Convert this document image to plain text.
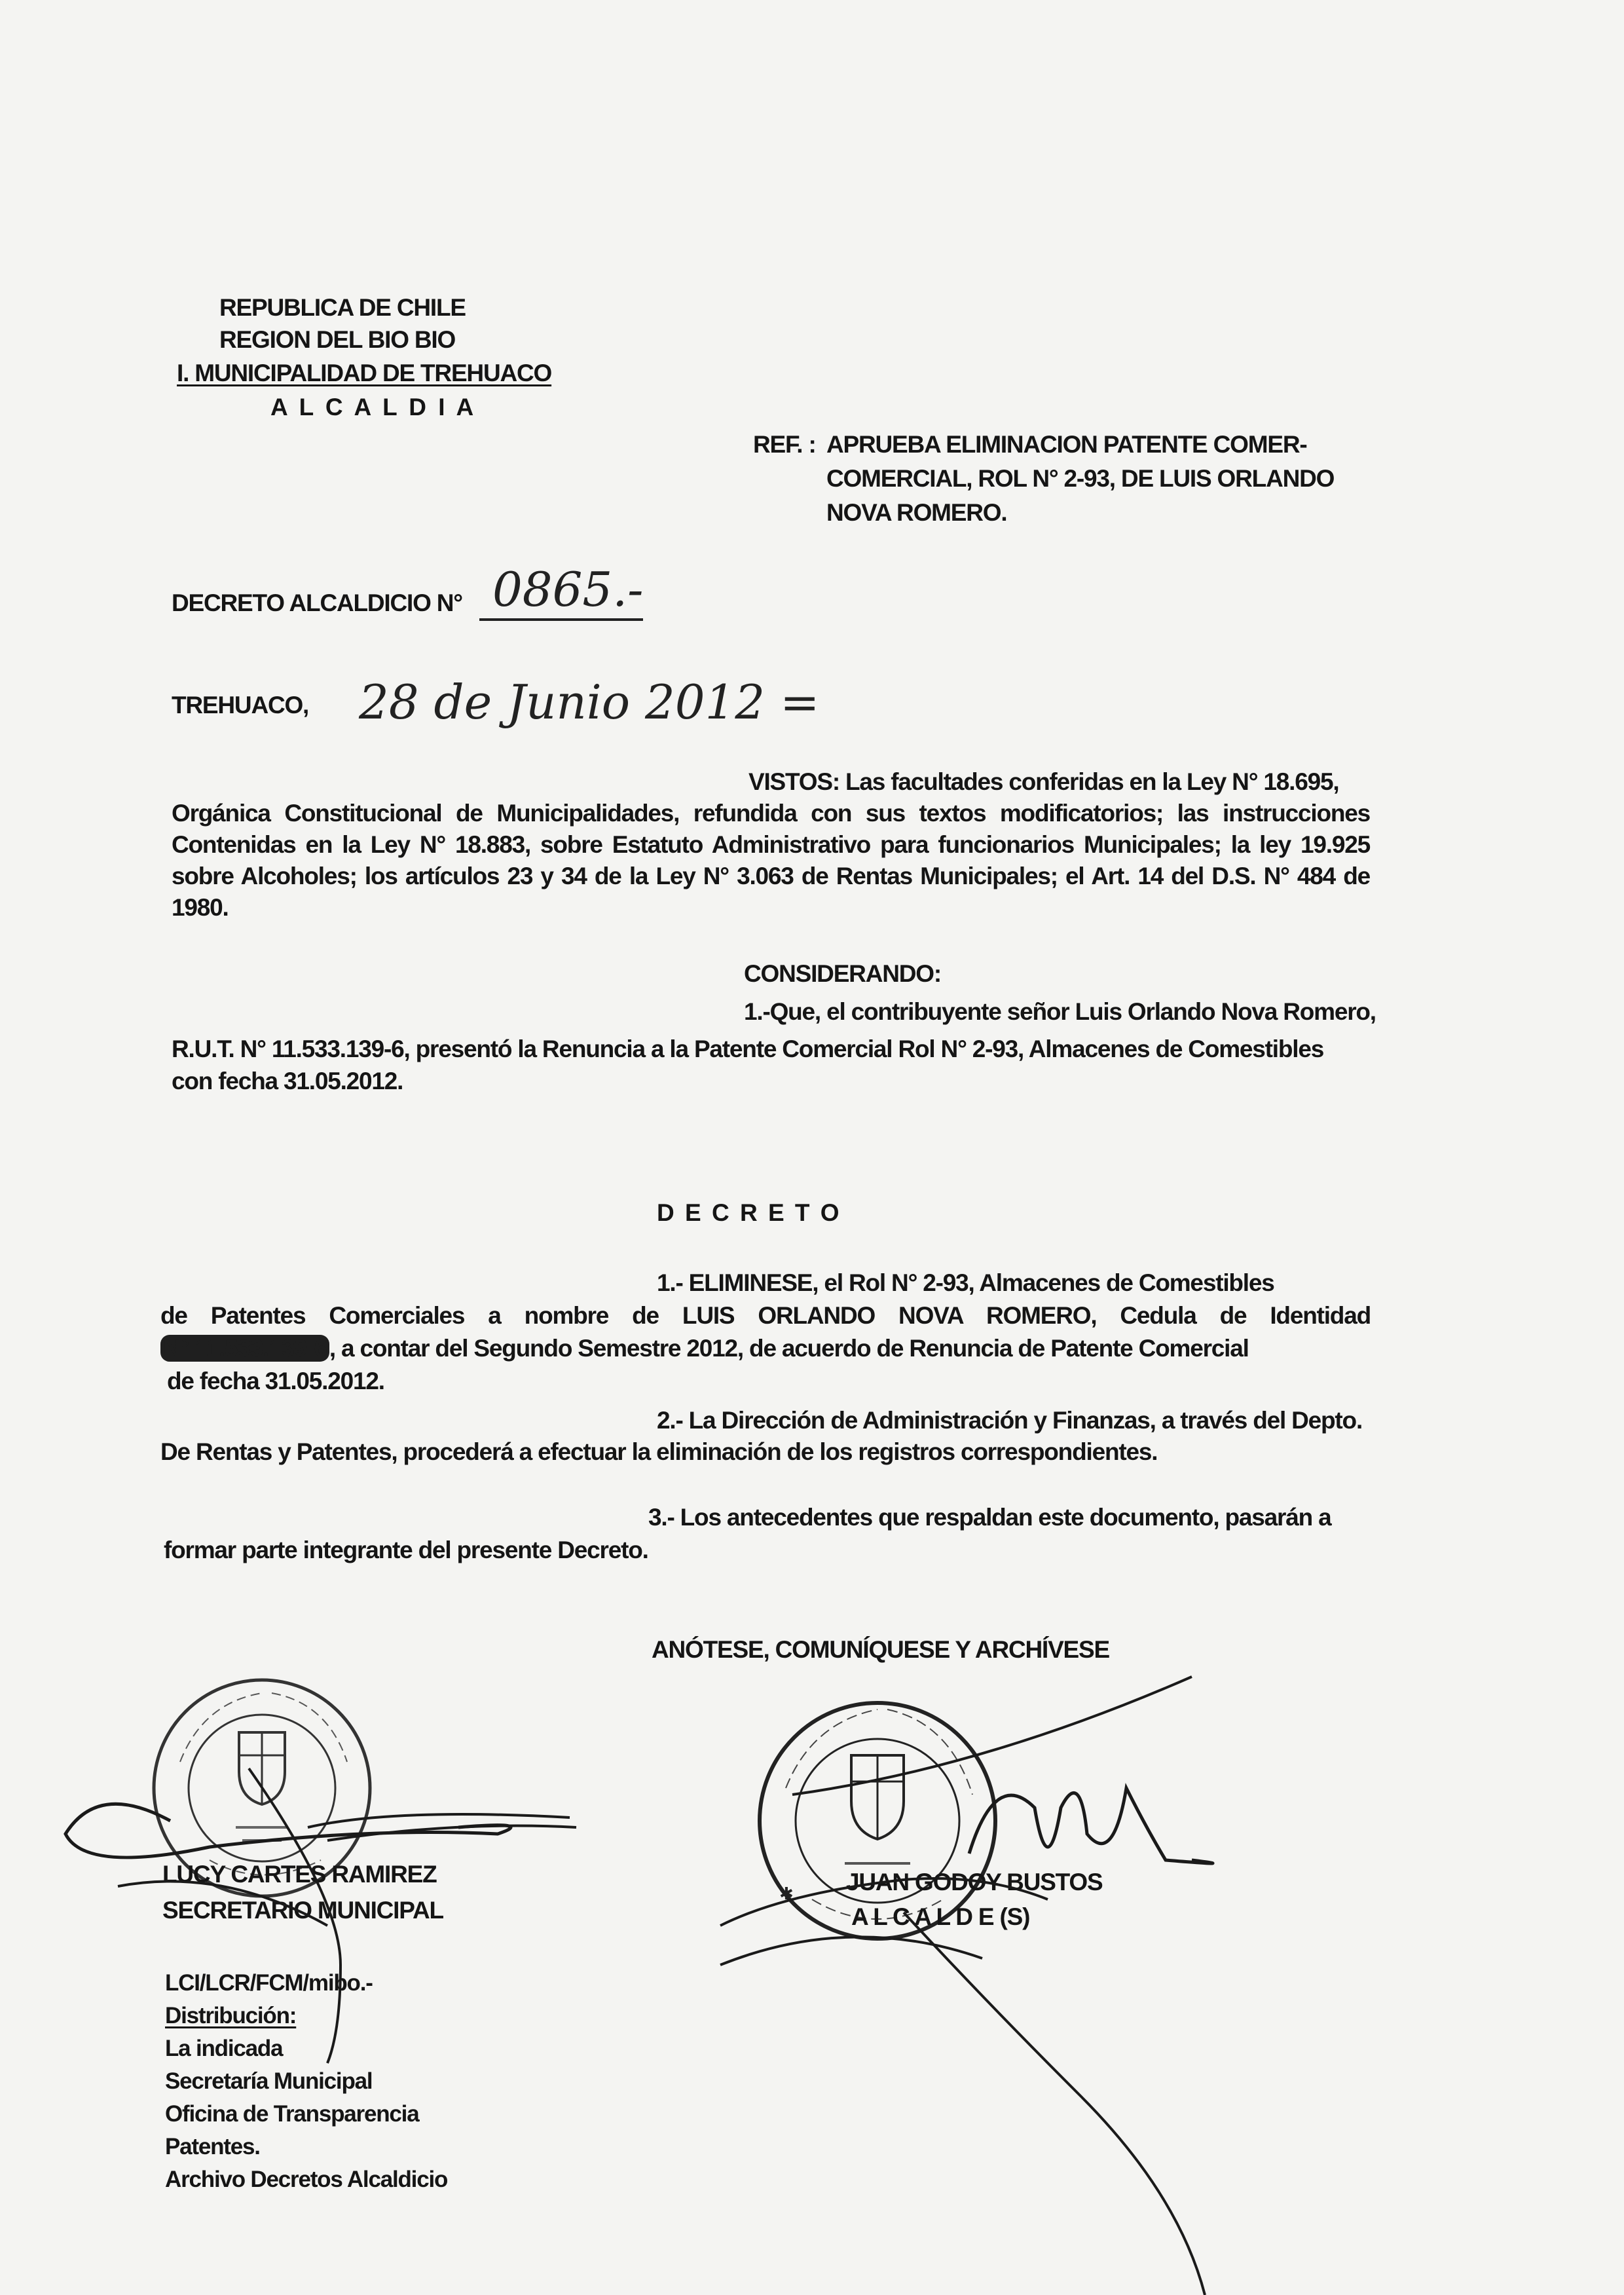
REPUBLICA DE CHILE
REGION DEL BIO BIO
I. MUNICIPALIDAD DE TREHUACO
A L C A L D I A
REF. : APRUEBA ELIMINACION PATENTE COMER-
COMERCIAL, ROL N° 2-93, DE LUIS ORLANDO
NOVA ROMERO.
DECRETO ALCALDICIO N° 0865.-
TREHUACO, 28 de Junio 2012 =
VISTOS: Las facultades conferidas en la Ley N° 18.695,
Orgánica Constitucional de Municipalidades, refundida con sus textos modificatorios; las instrucciones
Contenidas en la Ley N° 18.883, sobre Estatuto Administrativo para funcionarios Municipales; la ley 19.925
sobre Alcoholes; los artículos 23 y 34 de la Ley N° 3.063 de Rentas Municipales; el Art. 14 del D.S. N° 484 de
1980.
CONSIDERANDO:
1.-Que, el contribuyente señor Luis Orlando Nova Romero,
R.U.T. N° 11.533.139-6, presentó la Renuncia a la Patente Comercial Rol N° 2-93, Almacenes de Comestibles
con fecha 31.05.2012.
D E C R E T O
1.- ELIMINESE, el Rol N° 2-93, Almacenes de Comestibles
de Patentes Comerciales a nombre de LUIS ORLANDO NOVA ROMERO, Cedula de Identidad
N° 11.533.139-6 , a contar del Segundo Semestre 2012, de acuerdo de Renuncia de Patente Comercial
de fecha 31.05.2012.
2.- La Dirección de Administración y Finanzas, a través del Depto.
De Rentas y Patentes, procederá a efectuar la eliminación de los registros correspondientes.
3.- Los antecedentes que respaldan este documento, pasarán a
formar parte integrante del presente Decreto.
ANÓTESE, COMUNÍQUESE Y ARCHÍVESE
✱
LUCY CARTES RAMIREZ
SECRETARIO MUNICIPAL
JUAN GODOY BUSTOS
A L C A L D E (S)
LCI/LCR/FCM/mibo.-
Distribución:
La indicada
Secretaría Municipal
Oficina de Transparencia
Patentes.
Archivo Decretos Alcaldicio
